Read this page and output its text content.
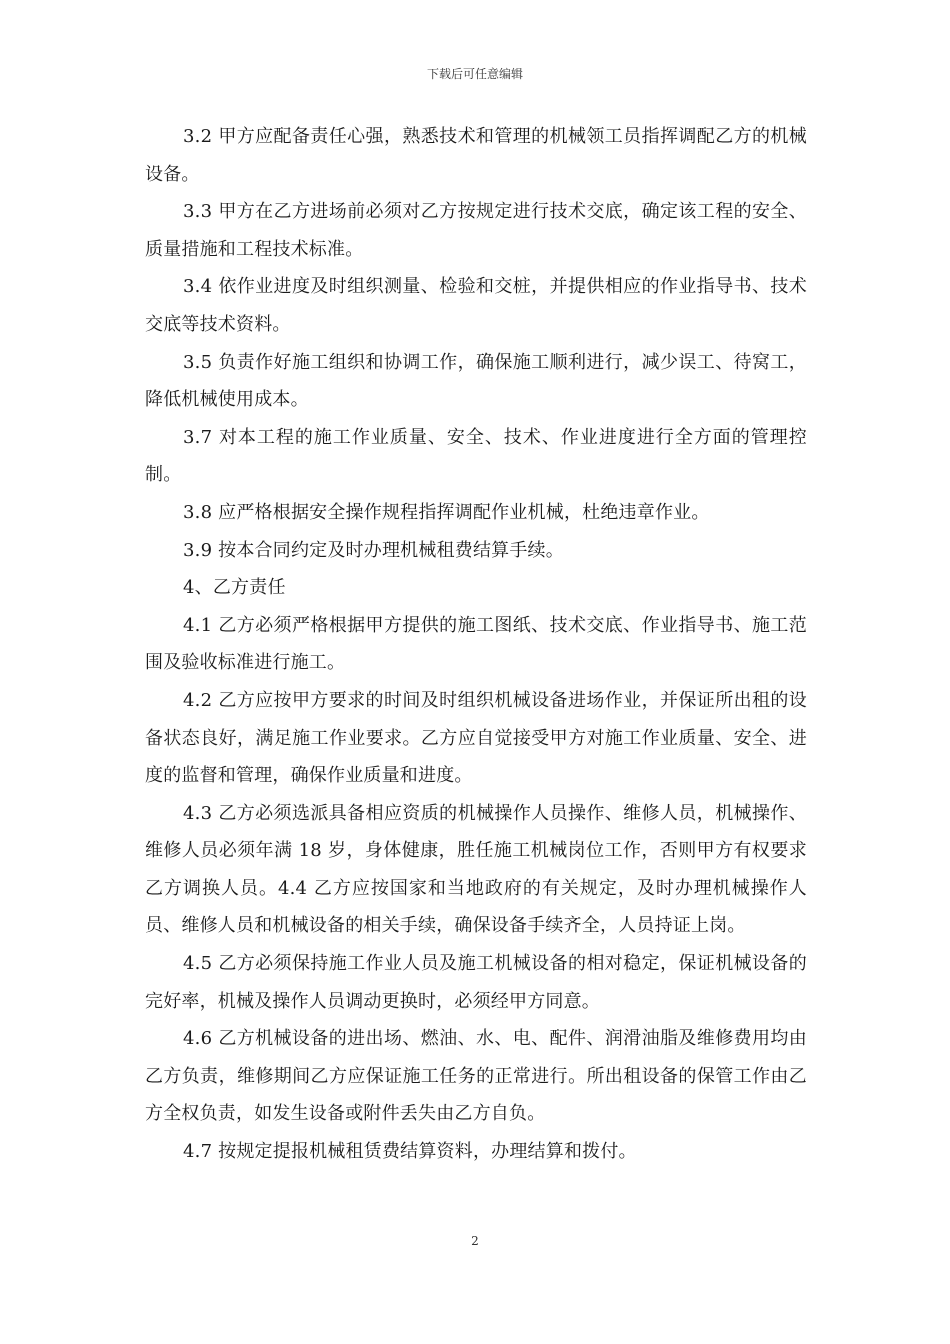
下载后可任意编辑

3.2 甲方应配备责任心强，熟悉技术和管理的机械领工员指挥调配乙方的机械设备。

3.3 甲方在乙方进场前必须对乙方按规定进行技术交底，确定该工程的安全、质量措施和工程技术标准。

3.4 依作业进度及时组织测量、检验和交桩，并提供相应的作业指导书、技术交底等技术资料。

3.5 负责作好施工组织和协调工作，确保施工顺利进行，减少误工、待窝工，降低机械使用成本。

3.7 对本工程的施工作业质量、安全、技术、作业进度进行全方面的管理控制。

3.8 应严格根据安全操作规程指挥调配作业机械，杜绝违章作业。

3.9 按本合同约定及时办理机械租费结算手续。

4、乙方责任

4.1 乙方必须严格根据甲方提供的施工图纸、技术交底、作业指导书、施工范围及验收标准进行施工。

4.2 乙方应按甲方要求的时间及时组织机械设备进场作业，并保证所出租的设备状态良好，满足施工作业要求。乙方应自觉接受甲方对施工作业质量、安全、进度的监督和管理，确保作业质量和进度。

4.3 乙方必须选派具备相应资质的机械操作人员操作、维修人员，机械操作、维修人员必须年满 18 岁，身体健康，胜任施工机械岗位工作，否则甲方有权要求乙方调换人员。4.4 乙方应按国家和当地政府的有关规定，及时办理机械操作人员、维修人员和机械设备的相关手续，确保设备手续齐全，人员持证上岗。

4.5 乙方必须保持施工作业人员及施工机械设备的相对稳定，保证机械设备的完好率，机械及操作人员调动更换时，必须经甲方同意。

4.6 乙方机械设备的进出场、燃油、水、电、配件、润滑油脂及维修费用均由乙方负责，维修期间乙方应保证施工任务的正常进行。所出租设备的保管工作由乙方全权负责，如发生设备或附件丢失由乙方自负。

4.7 按规定提报机械租赁费结算资料，办理结算和拨付。

2
